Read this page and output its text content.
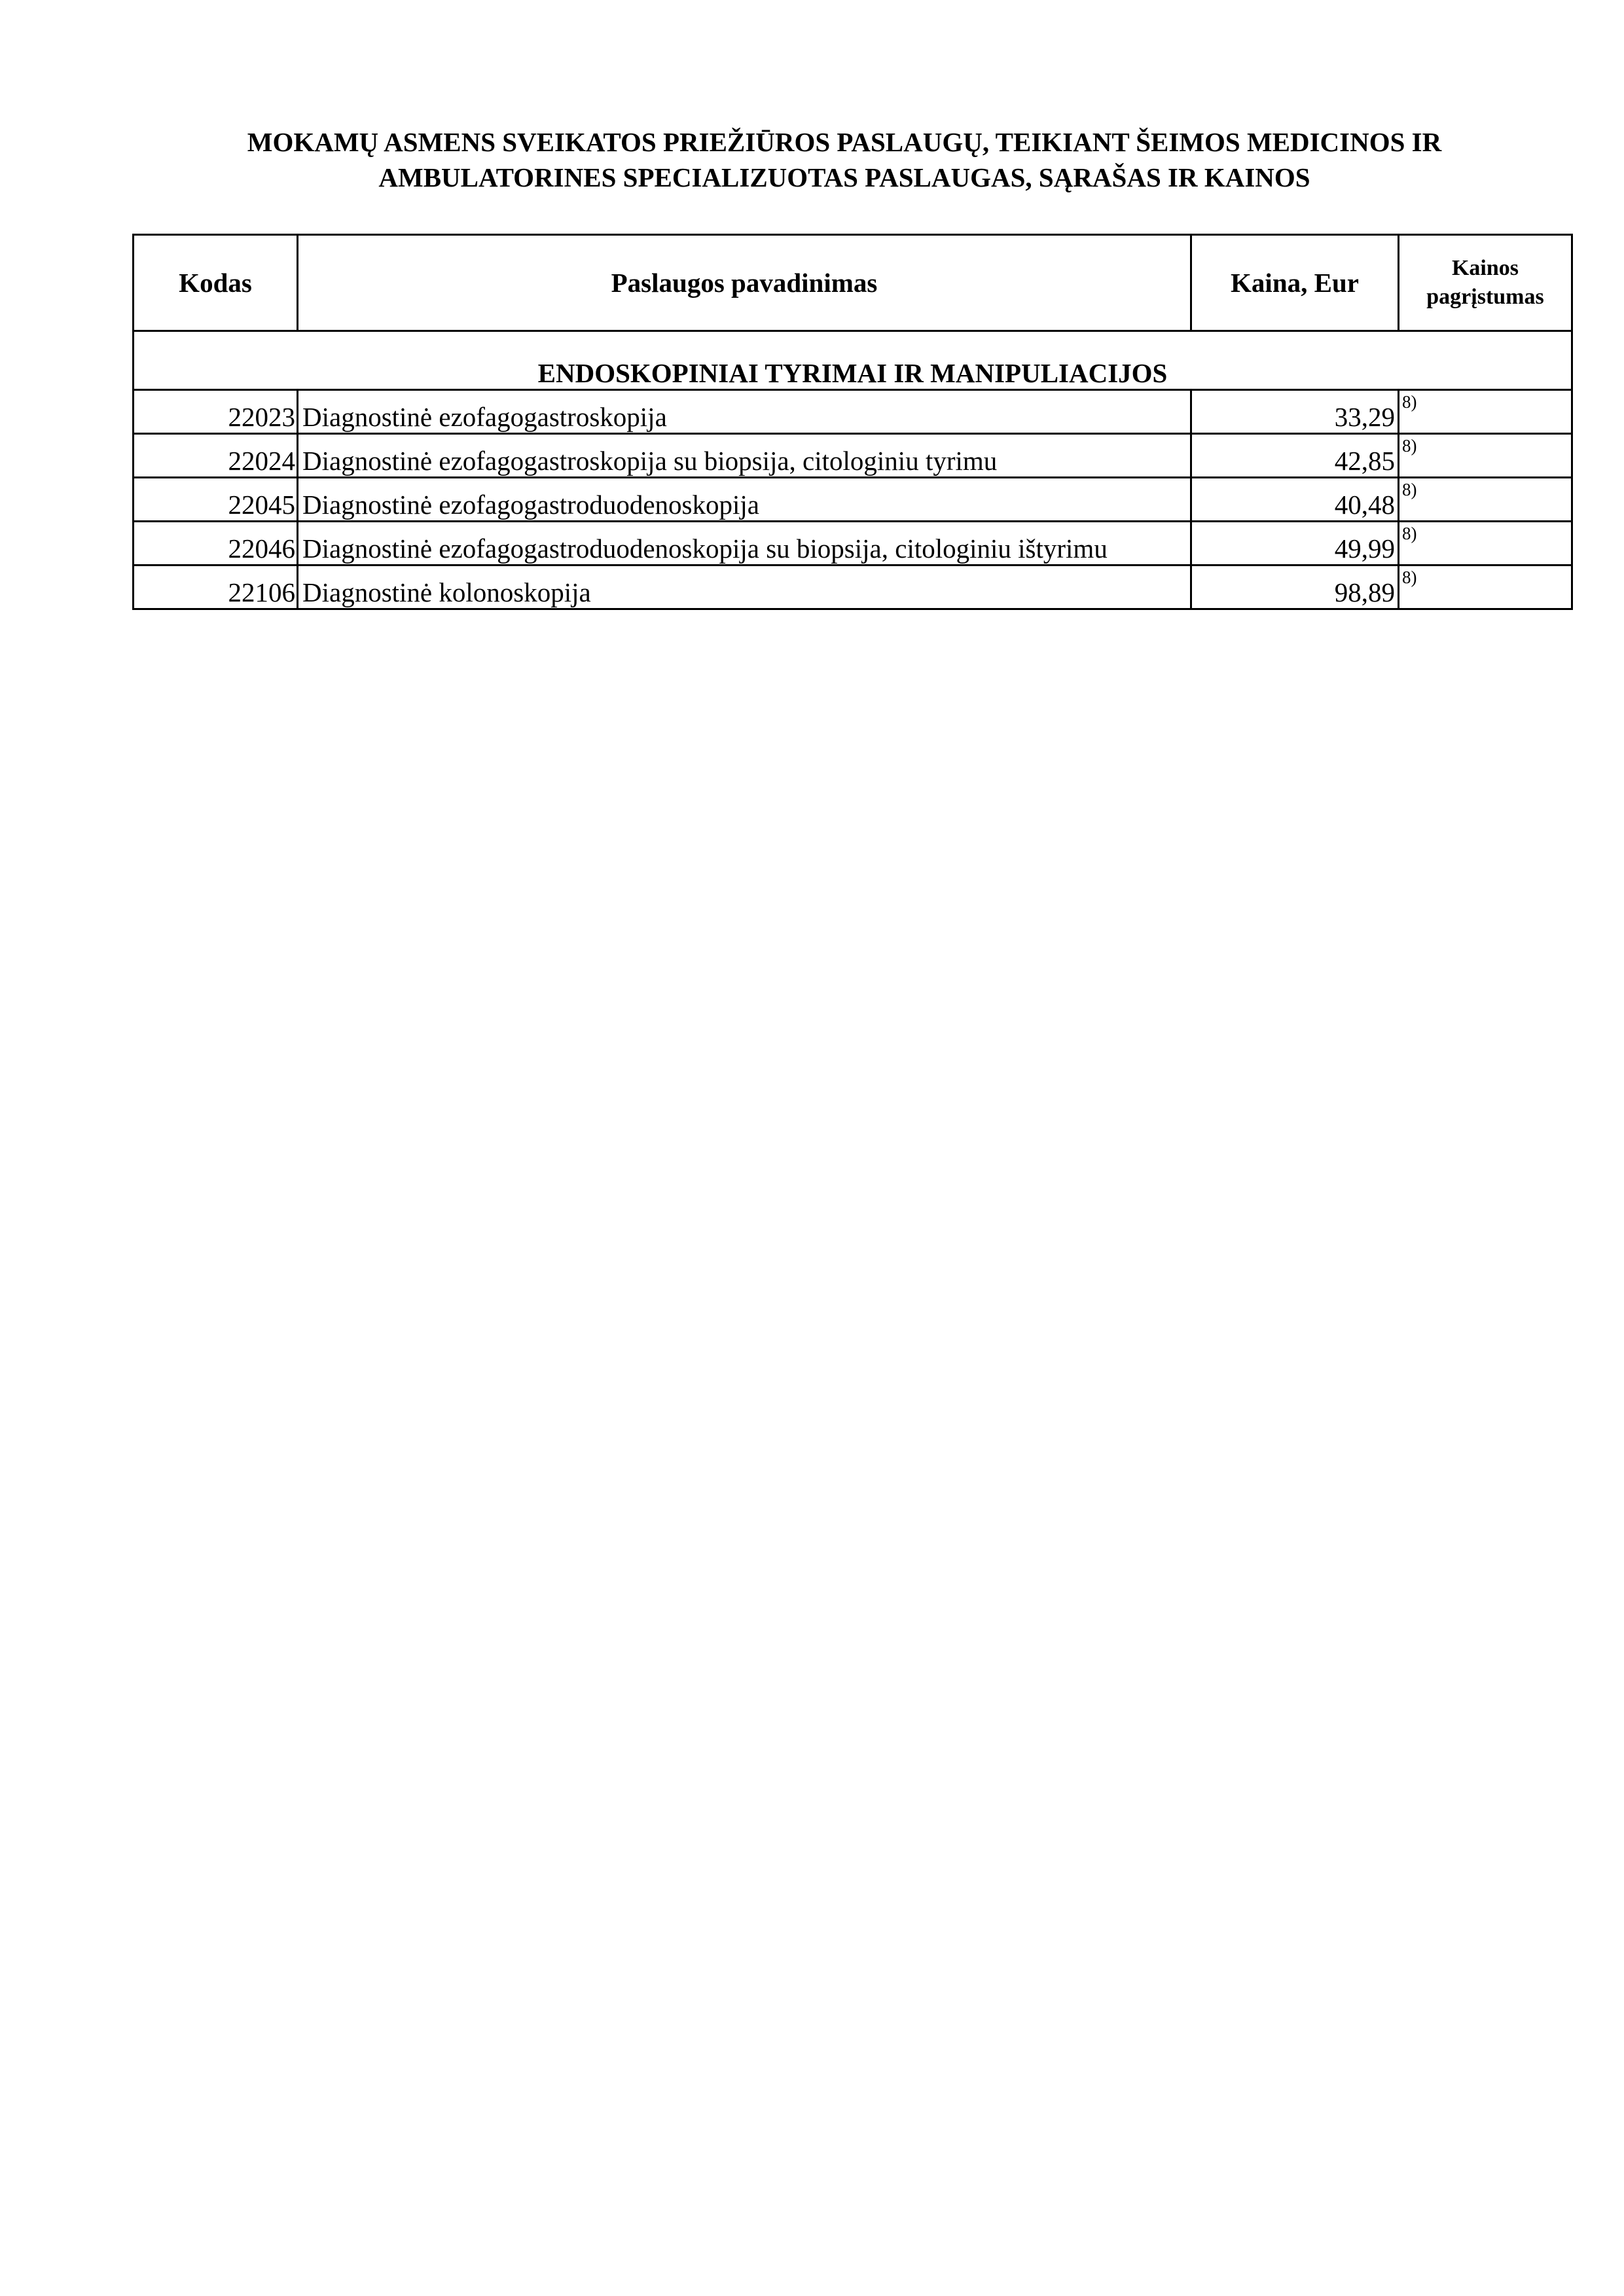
MOKAMŲ ASMENS SVEIKATOS PRIEŽIŪROS PASLAUGŲ, TEIKIANT ŠEIMOS MEDICINOS IR
AMBULATORINES SPECIALIZUOTAS PASLAUGAS, SĄRAŠAS IR KAINOS
Kodas	Paslaugos pavadinimas	Kaina, Eur	Kainos
pagrįstumas

ENDOSKOPINIAI TYRIMAI IR MANIPULIACIJOS			
22023	Diagnostinė ezofagogastroskopija	33,29	8)
22024	Diagnostinė ezofagogastroskopija su biopsija, citologiniu tyrimu	42,85	8)
22045	Diagnostinė ezofagogastroduodenoskopija	40,48	8)
22046	Diagnostinė ezofagogastroduodenoskopija su biopsija, citologiniu ištyrimu	49,99	8)
22106	Diagnostinė kolonoskopija	98,89	8)
